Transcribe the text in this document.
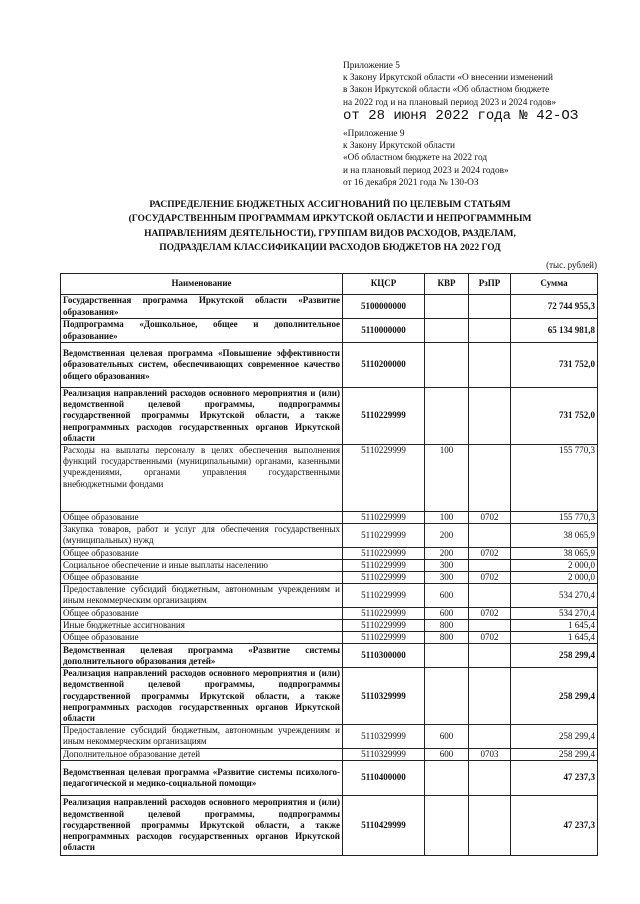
Приложение 5
к Закону Иркутской области «О внесении изменений
в Закон Иркутской области «Об областном бюджете
на 2022 год и на плановый период 2023 и 2024 годов»
от 28 июня 2022 года № 42-ОЗ
«Приложение 9
к Закону Иркутской области
«Об областном бюджете на 2022 год
и на плановый период 2023 и 2024 годов»
от 16 декабря 2021 года № 130-ОЗ
РАСПРЕДЕЛЕНИЕ БЮДЖЕТНЫХ АССИГНОВАНИЙ ПО ЦЕЛЕВЫМ СТАТЬЯМ
(ГОСУДАРСТВЕННЫМ ПРОГРАММАМ ИРКУТСКОЙ ОБЛАСТИ И НЕПРОГРАММНЫМ
НАПРАВЛЕНИЯМ ДЕЯТЕЛЬНОСТИ), ГРУППАМ ВИДОВ РАСХОДОВ, РАЗДЕЛАМ,
ПОДРАЗДЕЛАМ КЛАССИФИКАЦИИ РАСХОДОВ БЮДЖЕТОВ НА 2022 ГОД
(тыс. рублей)
Наименование	КЦСР	КВР	РзПР	Сумма
Государственная программа Иркутской области «Развитие образования»	5100000000			72 744 955,3
Подпрограмма «Дошкольное, общее и дополнительное образование»	5110000000			65 134 981,8
Ведомственная целевая программа «Повышение эффективности образовательных систем, обеспечивающих современное качество общего образования»	5110200000			731 752,0
Реализация направлений расходов основного мероприятия и (или) ведомственной целевой программы, подпрограммы государственной программы Иркутской области, а также непрограммных расходов государственных органов Иркутской области	5110229999			731 752,0
Расходы на выплаты персоналу в целях обеспечения выполнения функций государственными (муниципальными) органами, казенными учреждениями, органами управления государственными внебюджетными фондами	5110229999	100		155 770,3
Общее образование	5110229999	100	0702	155 770,3
Закупка товаров, работ и услуг для обеспечения государственных (муниципальных) нужд	5110229999	200		38 065,9
Общее образование	5110229999	200	0702	38 065,9
Социальное обеспечение и иные выплаты населению	5110229999	300		2 000,0
Общее образование	5110229999	300	0702	2 000,0
Предоставление субсидий бюджетным, автономным учреждениям и иным некоммерческим организациям	5110229999	600		534 270,4
Общее образование	5110229999	600	0702	534 270,4
Иные бюджетные ассигнования	5110229999	800		1 645,4
Общее образование	5110229999	800	0702	1 645,4
Ведомственная целевая программа «Развитие системы дополнительного образования детей»	5110300000			258 299,4
Реализация направлений расходов основного мероприятия и (или) ведомственной целевой программы, подпрограммы государственной программы Иркутской области, а также непрограммных расходов государственных органов Иркутской области	5110329999			258 299,4
Предоставление субсидий бюджетным, автономным учреждениям и иным некоммерческим организациям	5110329999	600		258 299,4
Дополнительное образование детей	5110329999	600	0703	258 299,4
Ведомственная целевая программа «Развитие системы психолого-педагогической и медико-социальной помощи»	5110400000			47 237,3
Реализация направлений расходов основного мероприятия и (или) ведомственной целевой программы, подпрограммы государственной программы Иркутской области, а также непрограммных расходов государственных органов Иркутской области	5110429999			47 237,3
